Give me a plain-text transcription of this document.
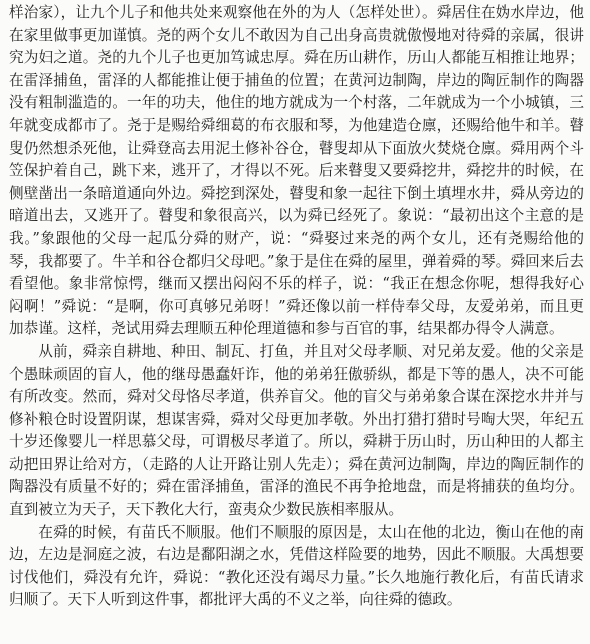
样治家），让九个儿子和他共处来观察他在外的为人（怎样处世）。舜居住在妫水岸边，他在家里做事更加谨慎。尧的两个女儿不敢因为自己出身高贵就傲慢地对待舜的亲属，很讲究为妇之道。尧的九个儿子也更加笃诚忠厚。舜在历山耕作，历山人都能互相推让地界；在雷泽捕鱼，雷泽的人都能推让便于捕鱼的位置；在黄河边制陶，岸边的陶匠制作的陶器没有粗制滥造的。一年的功夫，他住的地方就成为一个村落，二年就成为一个小城镇，三年就变成都市了。尧于是赐给舜细葛的布衣服和琴，为他建造仓廪，还赐给他牛和羊。瞽叟仍然想杀死他，让舜登高去用泥土修补谷仓，瞽叟却从下面放火焚烧仓廪。舜用两个斗笠保护着自己，跳下来，逃开了，才得以不死。后来瞽叟又要舜挖井，舜挖井的时候，在侧壁凿出一条暗道通向外边。舜挖到深处，瞽叟和象一起往下倒土填埋水井，舜从旁边的暗道出去，又逃开了。瞽叟和象很高兴，以为舜已经死了。象说：“最初出这个主意的是我。”象跟他的父母一起瓜分舜的财产，说：“舜娶过来尧的两个女儿，还有尧赐给他的琴，我都要了。牛羊和谷仓都归父母吧。”象于是住在舜的屋里，弹着舜的琴。舜回来后去看望他。象非常惊愕，继而又摆出闷闷不乐的样子，说：“我正在想念你呢，想得我好心闷啊！”舜说：“是啊，你可真够兄弟呀！”舜还像以前一样侍奉父母，友爱弟弟，而且更加恭谨。这样，尧试用舜去理顺五种伦理道德和参与百官的事，结果都办得令人满意。

从前，舜亲自耕地、种田、制瓦、打鱼，并且对父母孝顺、对兄弟友爱。他的父亲是个愚昧顽固的盲人，他的继母愚蠢奸诈，他的弟弟狂傲骄纵，都是下等的愚人，决不可能有所改变。然而，舜对父母恪尽孝道，供养盲父。他的盲父与弟弟象合谋在深挖水井并与修补粮仓时设置阴谋，想谋害舜，舜对父母更加孝敬。外出打猎打猎时号啕大哭，年纪五十岁还像婴儿一样思慕父母，可谓极尽孝道了。所以，舜耕于历山时，历山种田的人都主动把田界让给对方，（走路的人让开路让别人先走）；舜在黄河边制陶，岸边的陶匠制作的陶器没有质量不好的；舜在雷泽捕鱼，雷泽的渔民不再争抢地盘，而是将捕获的鱼均分。直到被立为天子，天下教化大行，蛮夷众少数民族相率服从。

在舜的时候，有苗氏不顺服。他们不顺服的原因是，太山在他的北边，衡山在他的南边，左边是洞庭之波，右边是鄱阳湖之水，凭借这样险要的地势，因此不顺服。大禹想要讨伐他们，舜没有允许，舜说：“教化还没有竭尽力量。”长久地施行教化后，有苗氏请求归顺了。天下人听到这件事，都批评大禹的不义之举，向往舜的德政。
